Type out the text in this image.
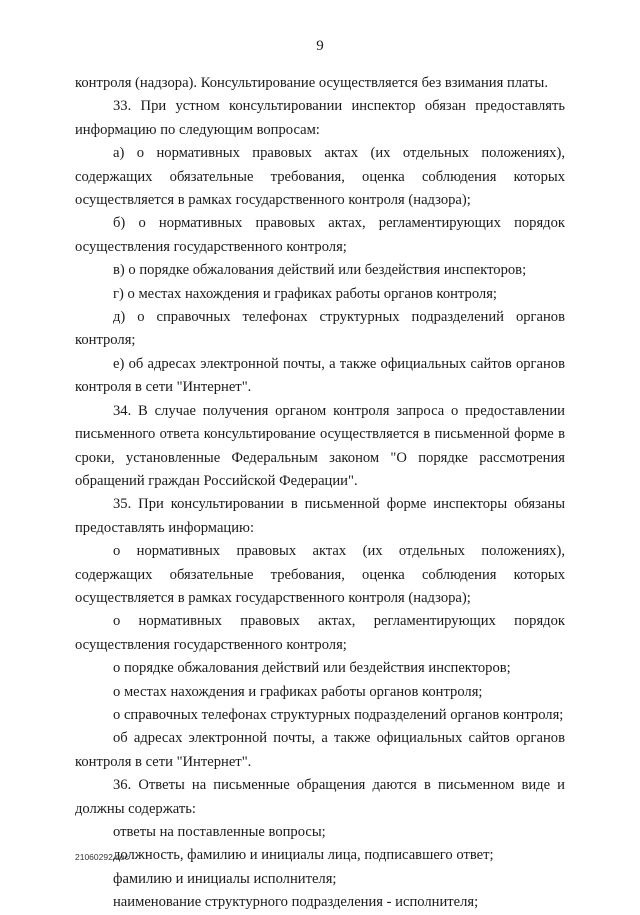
9

контроля (надзора). Консультирование осуществляется без взимания платы.

33. При устном консультировании инспектор обязан предоставлять информацию по следующим вопросам:

а) о нормативных правовых актах (их отдельных положениях), содержащих обязательные требования, оценка соблюдения которых осуществляется в рамках государственного контроля (надзора);

б) о нормативных правовых актах, регламентирующих порядок осуществления государственного контроля;

в) о порядке обжалования действий или бездействия инспекторов;

г) о местах нахождения и графиках работы органов контроля;

д) о справочных телефонах структурных подразделений органов контроля;

е) об адресах электронной почты, а также официальных сайтов органов контроля в сети "Интернет".

34. В случае получения органом контроля запроса о предоставлении письменного ответа консультирование осуществляется в письменной форме в сроки, установленные Федеральным законом "О порядке рассмотрения обращений граждан Российской Федерации".

35. При консультировании в письменной форме инспекторы обязаны предоставлять информацию:

о нормативных правовых актах (их отдельных положениях), содержащих обязательные требования, оценка соблюдения которых осуществляется в рамках государственного контроля (надзора);

о нормативных правовых актах, регламентирующих порядок осуществления государственного контроля;

о порядке обжалования действий или бездействия инспекторов;

о местах нахождения и графиках работы органов контроля;

о справочных телефонах структурных подразделений органов контроля;

об адресах электронной почты, а также официальных сайтов органов контроля в сети "Интернет".

36. Ответы на письменные обращения даются в письменном виде и должны содержать:

ответы на поставленные вопросы;

должность, фамилию и инициалы лица, подписавшего ответ;

фамилию и инициалы исполнителя;

наименование структурного подразделения - исполнителя;

21060292.doc
